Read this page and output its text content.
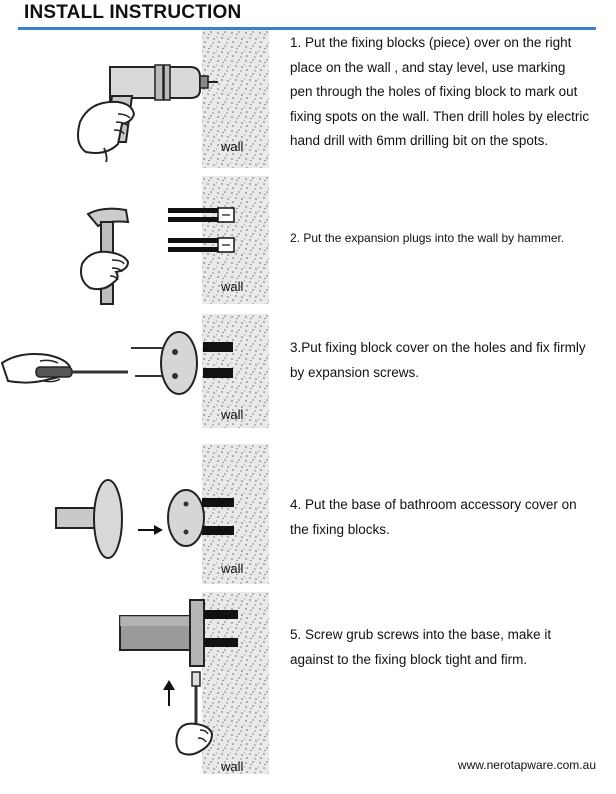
INSTALL INSTRUCTION
wall
1. Put the fixing blocks (piece) over on the right place on the wall , and stay level, use marking pen through the holes of fixing block to mark out fixing spots on the wall. Then drill holes by electric hand drill with 6mm drilling bit on the spots.
wall
2. Put the expansion plugs into the wall by hammer.
wall
3.Put fixing block cover on the holes and fix firmly by expansion screws.
wall
4. Put the base of bathroom accessory cover on the fixing blocks.
wall
5. Screw grub screws into the base, make it against to the fixing block tight and firm.
www.nerotapware.com.au
